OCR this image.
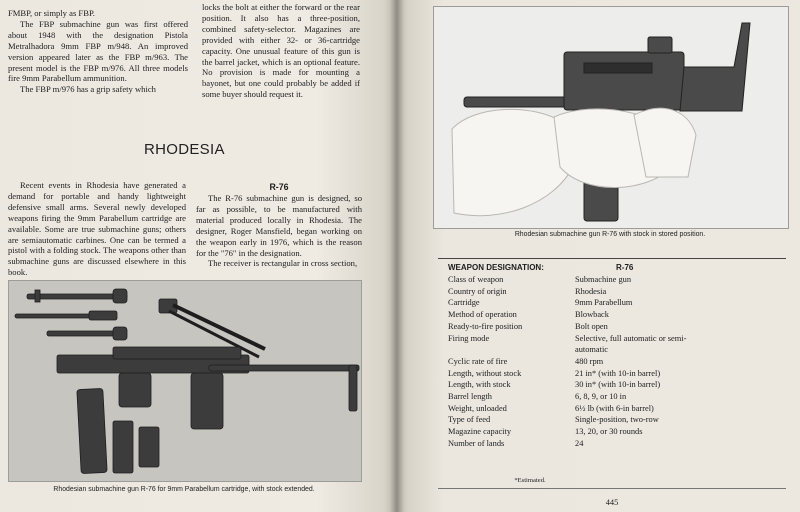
FMBP, or simply as FBP.

The FBP submachine gun was first offered about 1948 with the designation Pistola Metralhadora 9mm FBP m/948. An improved version appeared later as the FBP m/963. The present model is the FBP m/976. All three models fire 9mm Parabellum ammunition.

The FBP m/976 has a grip safety which

locks the bolt at either the forward or the rear position. It also has a three-position, combined safety-selector. Magazines are provided with either 32- or 36-cartridge capacity. One unusual feature of this gun is the barrel jacket, which is an optional feature. No provision is made for mounting a bayonet, but one could probably be added if some buyer should request it.

RHODESIA

Recent events in Rhodesia have generated a demand for portable and handy lightweight defensive small arms. Several newly developed weapons firing the 9mm Parabellum cartridge are available. Some are true submachine guns; others are semiautomatic carbines. One can be termed a pistol with a folding stock. The weapons other than submachine guns are discussed elsewhere in this book.

R-76

The R-76 submachine gun is designed, so far as possible, to be manufactured with material produced locally in Rhodesia. The designer, Roger Mansfield, began working on the weapon early in 1976, which is the reason for the "76" in the designation.

The receiver is rectangular in cross section,

Rhodesian submachine gun R-76 for 9mm Parabellum cartridge, with stock extended.
Rhodesian submachine gun R-76 with stock in stored position.
WEAPON DESIGNATION:	R-76
Class of weapon	Submachine gun
Country of origin	Rhodesia
Cartridge	9mm Parabellum
Method of operation	Blowback
Ready-to-fire position	Bolt open
Firing mode	Selective, full automatic or semi-
automatic
Cyclic rate of fire	480 rpm
Length, without stock	21 in* (with 10-in barrel)
Length, with stock	30 in* (with 10-in barrel)
Barrel length	6, 8, 9, or 10 in
Weight, unloaded	6½ lb (with 6-in barrel)
Type of feed	Single-position, two-row
Magazine capacity	13, 20, or 30 rounds
Number of lands	24
*Estimated.
445
